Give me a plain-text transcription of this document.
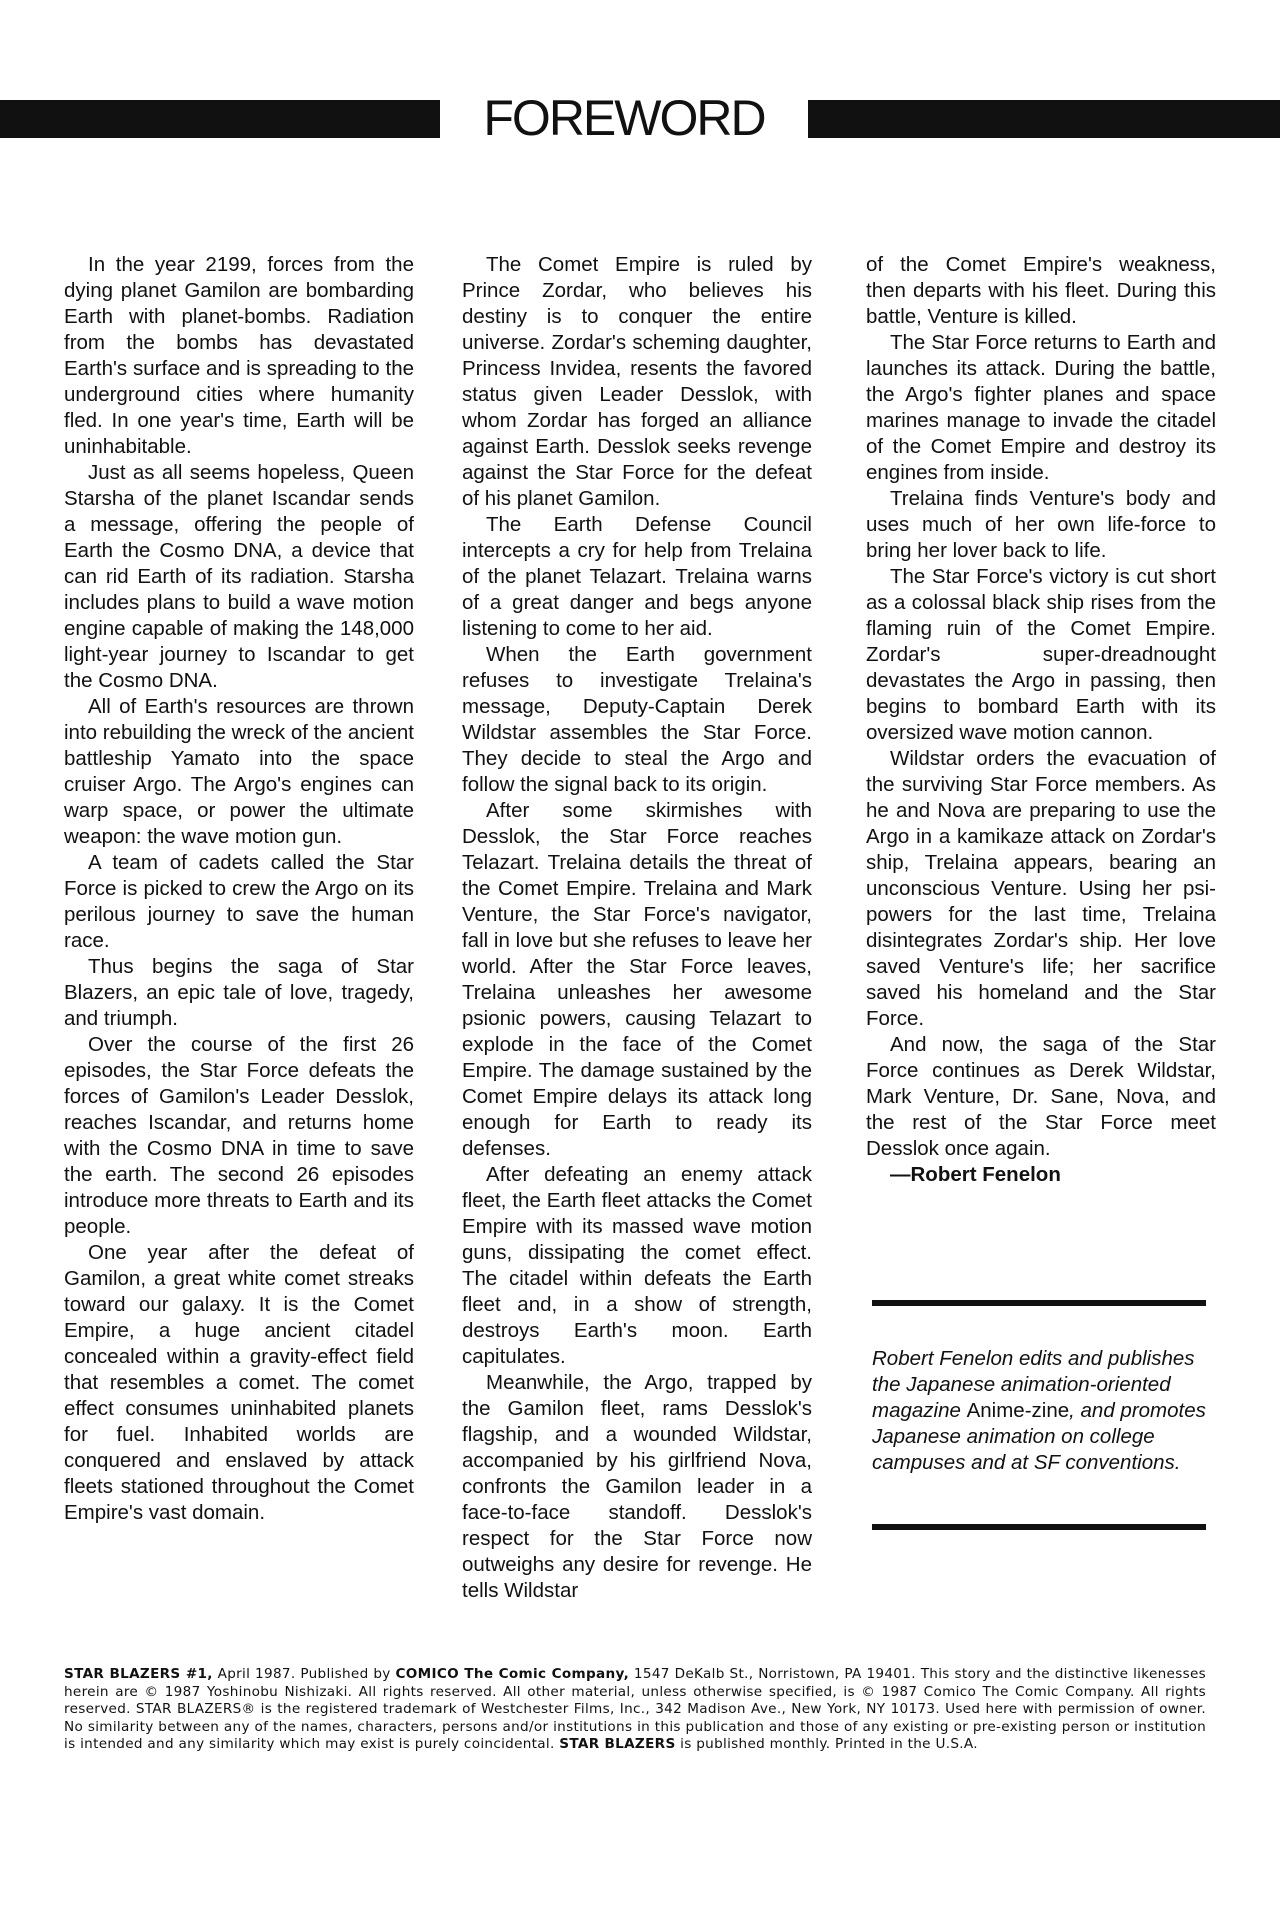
FOREWORD

In the year 2199, forces from the dying planet Gamilon are bombarding Earth with planet-bombs. Radiation from the bombs has devastated Earth's surface and is spreading to the underground cities where humanity fled. In one year's time, Earth will be uninhabitable.

Just as all seems hopeless, Queen Starsha of the planet Iscandar sends a message, offering the people of Earth the Cosmo DNA, a device that can rid Earth of its radiation. Starsha includes plans to build a wave motion engine capable of making the 148,000 light-year journey to Iscandar to get the Cosmo DNA.

All of Earth's resources are thrown into rebuilding the wreck of the ancient battleship Yamato into the space cruiser Argo. The Argo's engines can warp space, or power the ultimate weapon: the wave motion gun.

A team of cadets called the Star Force is picked to crew the Argo on its perilous journey to save the human race.

Thus begins the saga of Star Blazers, an epic tale of love, tragedy, and triumph.

Over the course of the first 26 episodes, the Star Force defeats the forces of Gamilon's Leader Desslok, reaches Iscandar, and returns home with the Cosmo DNA in time to save the earth. The second 26 episodes introduce more threats to Earth and its people.

One year after the defeat of Gamilon, a great white comet streaks toward our galaxy. It is the Comet Empire, a huge ancient citadel concealed within a gravity-effect field that resembles a comet. The comet effect consumes uninhabited planets for fuel. Inhabited worlds are conquered and enslaved by attack fleets stationed throughout the Comet Empire's vast domain.

The Comet Empire is ruled by Prince Zordar, who believes his destiny is to conquer the entire universe. Zordar's scheming daughter, Princess Invidea, resents the favored status given Leader Desslok, with whom Zordar has forged an alliance against Earth. Desslok seeks revenge against the Star Force for the defeat of his planet Gamilon.

The Earth Defense Council intercepts a cry for help from Trelaina of the planet Telazart. Trelaina warns of a great danger and begs anyone listening to come to her aid.

When the Earth government refuses to investigate Trelaina's message, Deputy-Captain Derek Wildstar assembles the Star Force. They decide to steal the Argo and follow the signal back to its origin.

After some skirmishes with Desslok, the Star Force reaches Telazart. Trelaina details the threat of the Comet Empire. Trelaina and Mark Venture, the Star Force's navigator, fall in love but she refuses to leave her world. After the Star Force leaves, Trelaina unleashes her awesome psionic powers, causing Telazart to explode in the face of the Comet Empire. The damage sustained by the Comet Empire delays its attack long enough for Earth to ready its defenses.

After defeating an enemy attack fleet, the Earth fleet attacks the Comet Empire with its massed wave motion guns, dissipating the comet effect. The citadel within defeats the Earth fleet and, in a show of strength, destroys Earth's moon. Earth capitulates.

Meanwhile, the Argo, trapped by the Gamilon fleet, rams Desslok's flagship, and a wounded Wildstar, accompanied by his girlfriend Nova, confronts the Gamilon leader in a face-to-face standoff. Desslok's respect for the Star Force now outweighs any desire for revenge. He tells Wildstar

of the Comet Empire's weakness, then departs with his fleet. During this battle, Venture is killed.

The Star Force returns to Earth and launches its attack. During the battle, the Argo's fighter planes and space marines manage to invade the citadel of the Comet Empire and destroy its engines from inside.

Trelaina finds Venture's body and uses much of her own life-force to bring her lover back to life.

The Star Force's victory is cut short as a colossal black ship rises from the flaming ruin of the Comet Empire. Zordar's super-dreadnought devastates the Argo in passing, then begins to bombard Earth with its oversized wave motion cannon.

Wildstar orders the evacuation of the surviving Star Force members. As he and Nova are preparing to use the Argo in a kamikaze attack on Zordar's ship, Trelaina appears, bearing an unconscious Venture. Using her psi-powers for the last time, Trelaina disintegrates Zordar's ship. Her love saved Venture's life; her sacrifice saved his homeland and the Star Force.

And now, the saga of the Star Force continues as Derek Wildstar, Mark Venture, Dr. Sane, Nova, and the rest of the Star Force meet Desslok once again.

—Robert Fenelon

Robert Fenelon edits and publishes the Japanese animation-oriented magazine Anime-zine, and promotes Japanese animation on college campuses and at SF conventions.

STAR BLAZERS #1, April 1987. Published by COMICO The Comic Company, 1547 DeKalb St., Norristown, PA 19401. This story and the distinctive likenesses herein are © 1987 Yoshinobu Nishizaki. All rights reserved. All other material, unless otherwise specified, is © 1987 Comico The Comic Company. All rights reserved. STAR BLAZERS® is the registered trademark of Westchester Films, Inc., 342 Madison Ave., New York, NY 10173. Used here with permission of owner. No similarity between any of the names, characters, persons and/or institutions in this publication and those of any existing or pre-existing person or institution is intended and any similarity which may exist is purely coincidental. STAR BLAZERS is published monthly. Printed in the U.S.A.
